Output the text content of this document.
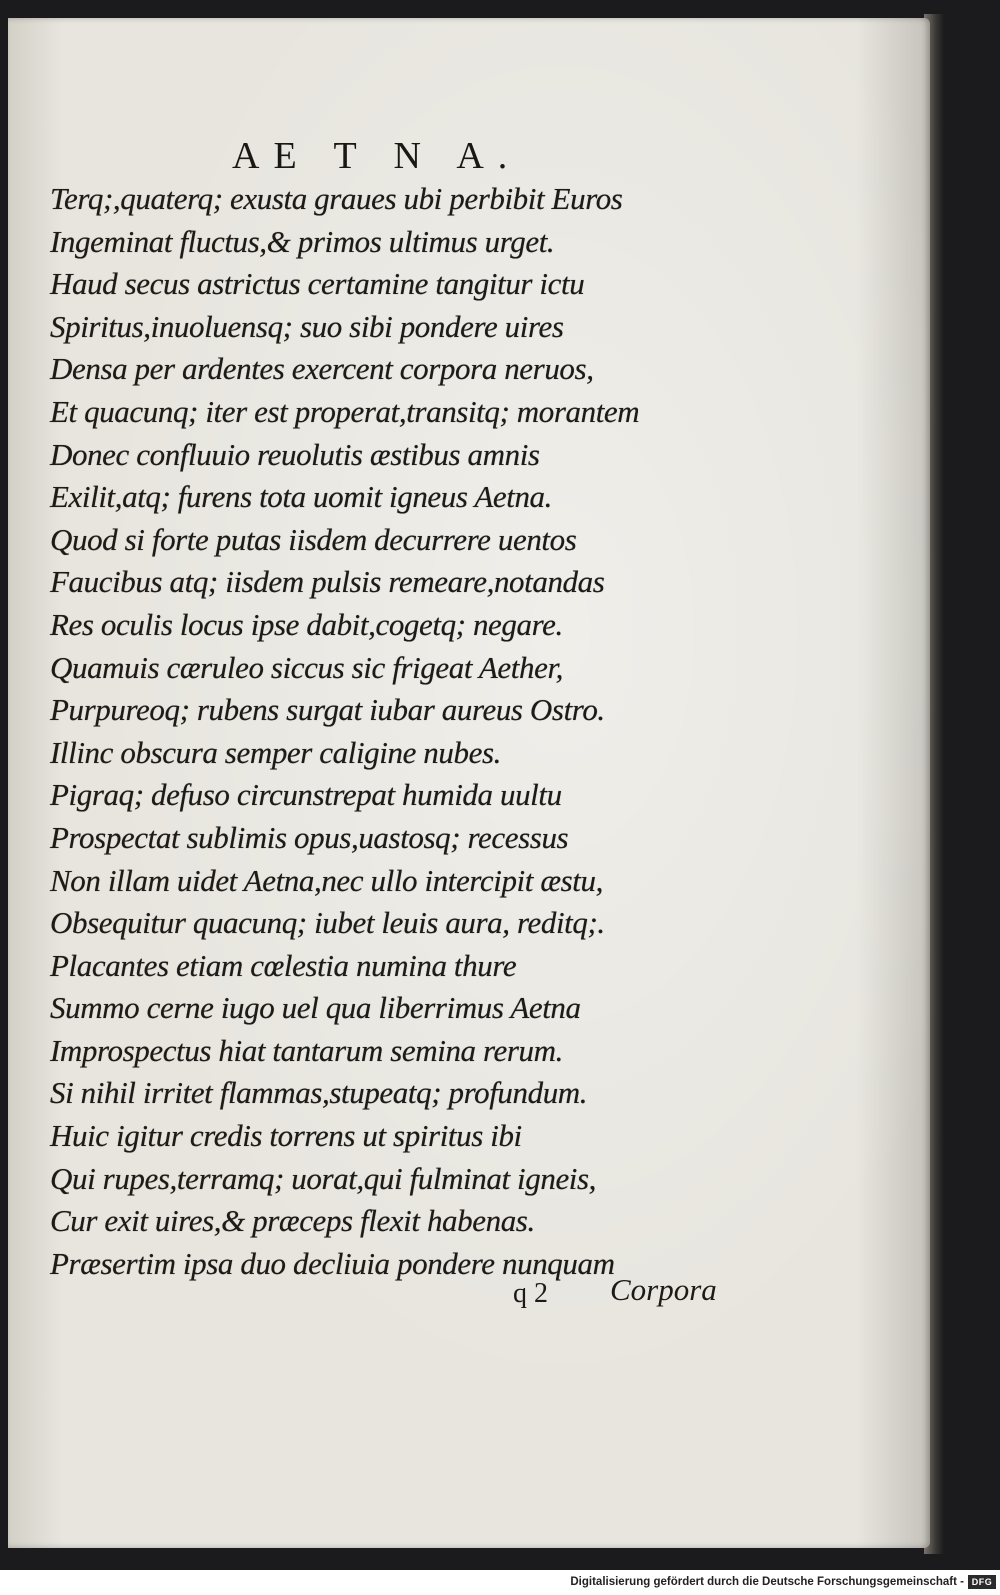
AE T N A.
Terq;,quaterq; exusta graues ubi perbibit Euros
Ingeminat fluctus,& primos ultimus urget.
Haud secus astrictus certamine tangitur ictu
Spiritus,inuoluensq; suo sibi pondere uires
Densa per ardentes exercent corpora neruos,
Et quacunq; iter est properat,transitq; morantem
Donec confluuio reuolutis æstibus amnis
Exilit,atq; furens tota uomit igneus Aetna.
Quod si forte putas iisdem decurrere uentos
Faucibus atq; iisdem pulsis remeare,notandas
Res oculis locus ipse dabit,cogetq; negare.
Quamuis cæruleo siccus sic frigeat Aether,
Purpureoq; rubens surgat iubar aureus Ostro.
Illinc obscura semper caligine nubes.
Pigraq; defuso circunstrepat humida uultu
Prospectat sublimis opus,uastosq; recessus
Non illam uidet Aetna,nec ullo intercipit æstu,
Obsequitur quacunq; iubet leuis aura, reditq;.
Placantes etiam cœlestia numina thure
Summo cerne iugo uel qua liberrimus Aetna
Improspectus hiat tantarum semina rerum.
Si nihil irritet flammas,stupeatq; profundum.
Huic igitur credis torrens ut spiritus ibi
Qui rupes,terramq; uorat,qui fulminat igneis,
Cur exit uires,& præceps flexit habenas.
Præsertim ipsa duo decliuia pondere nunquam
q 2 Corpora
Digitalisierung gefördert durch die Deutsche Forschungsgemeinschaft - DFG
